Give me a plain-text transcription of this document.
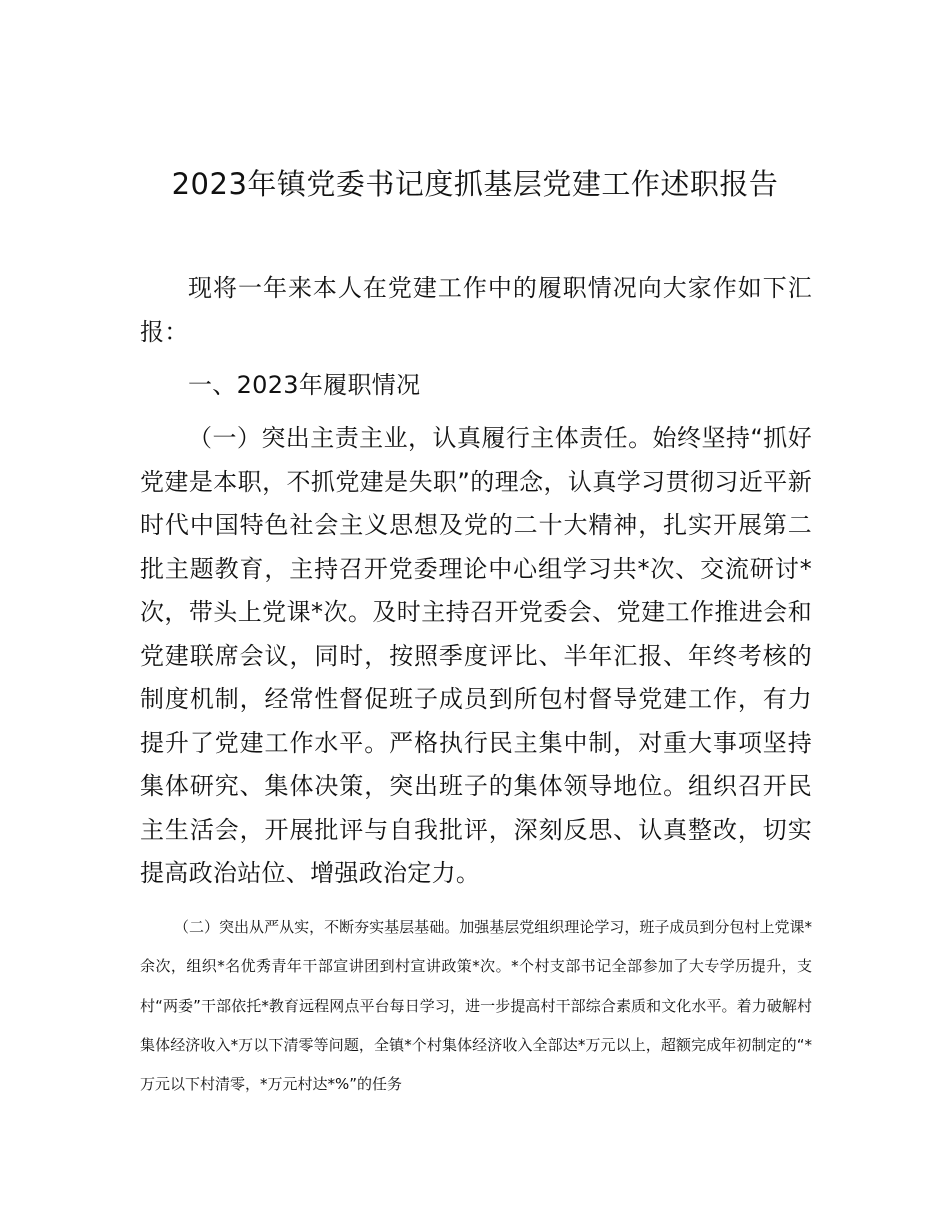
2023年镇党委书记度抓基层党建工作述职报告

现将一年来本人在党建工作中的履职情况向大家作如下汇报：

一、2023年履职情况

（一）突出主责主业，认真履行主体责任。始终坚持“抓好党建是本职，不抓党建是失职”的理念，认真学习贯彻习近平新时代中国特色社会主义思想及党的二十大精神，扎实开展第二批主题教育，主持召开党委理论中心组学习共*次、交流研讨*次，带头上党课*次。及时主持召开党委会、党建工作推进会和党建联席会议，同时，按照季度评比、半年汇报、年终考核的制度机制，经常性督促班子成员到所包村督导党建工作，有力提升了党建工作水平。严格执行民主集中制，对重大事项坚持集体研究、集体决策，突出班子的集体领导地位。组织召开民主生活会，开展批评与自我批评，深刻反思、认真整改，切实提高政治站位、增强政治定力。

（二）突出从严从实，不断夯实基层基础。加强基层党组织理论学习，班子成员到分包村上党课*余次，组织*名优秀青年干部宣讲团到村宣讲政策*次。*个村支部书记全部参加了大专学历提升，支村“两委”干部依托*教育远程网点平台每日学习，进一步提高村干部综合素质和文化水平。着力破解村集体经济收入*万以下清零等问题，全镇*个村集体经济收入全部达*万元以上，超额完成年初制定的“*万元以下村清零，*万元村达*%”的任务
